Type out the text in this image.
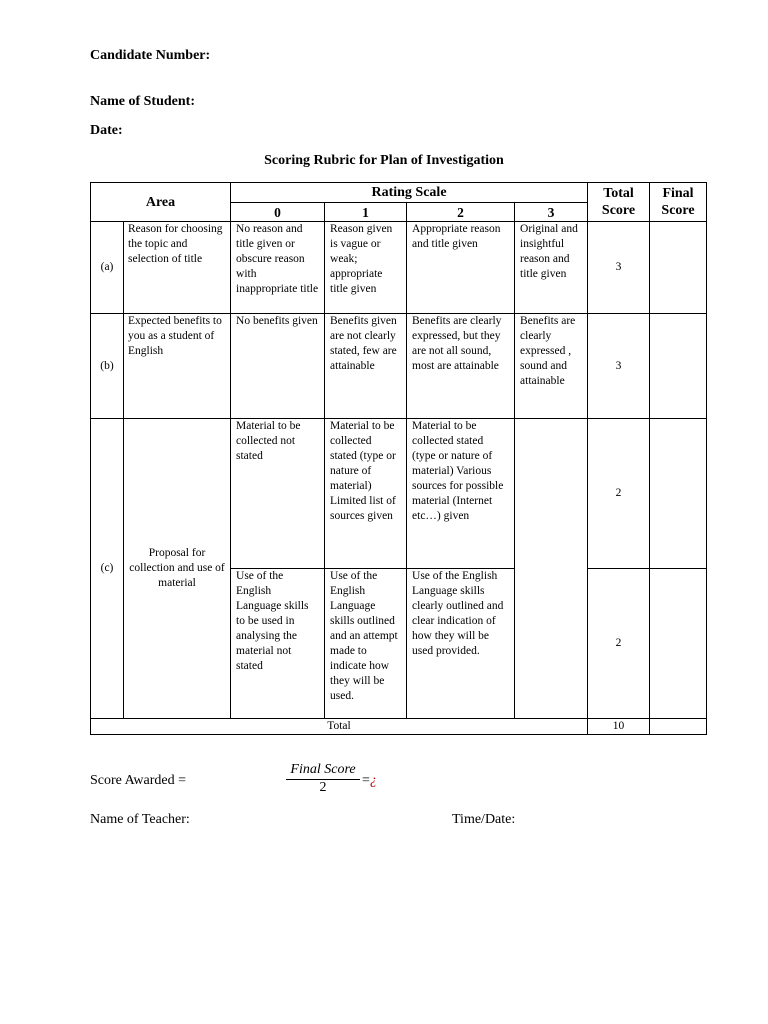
Candidate Number:
Name of Student:
Date:
Scoring Rubric for Plan of Investigation
Area		Rating Scale				Total Score	Final Score
		0	1	2	3		
(a)	Reason for choosing the topic and selection of title	No reason and title given or obscure reason with inappropriate title	Reason given is vague or weak; appropriate title given	Appropriate reason and title given	Original and insightful reason and title given	3	
(b)	Expected benefits to you as a student of English	No benefits given	Benefits given are not clearly stated, few are attainable	Benefits are clearly expressed, but they are not all sound, most are attainable	Benefits are clearly expressed , sound and attainable	3	
(c)	Proposal for collection and use of material	Material to be collected not stated	Material to be collected stated (type or nature of material) Limited list of sources given	Material to be collected stated (type or nature of material) Various sources for possible material (Internet etc…) given		2	
		Use of the English Language skills to be used in analysing the material not stated	Use of the English Language skills outlined and an attempt made to indicate how they will be used.	Use of the English Language skills clearly outlined and clear indication of how they will be used provided.		2	
Total						10	
Score Awarded =
Final Score
2	=¿
Name of Teacher:	Time/Date:
